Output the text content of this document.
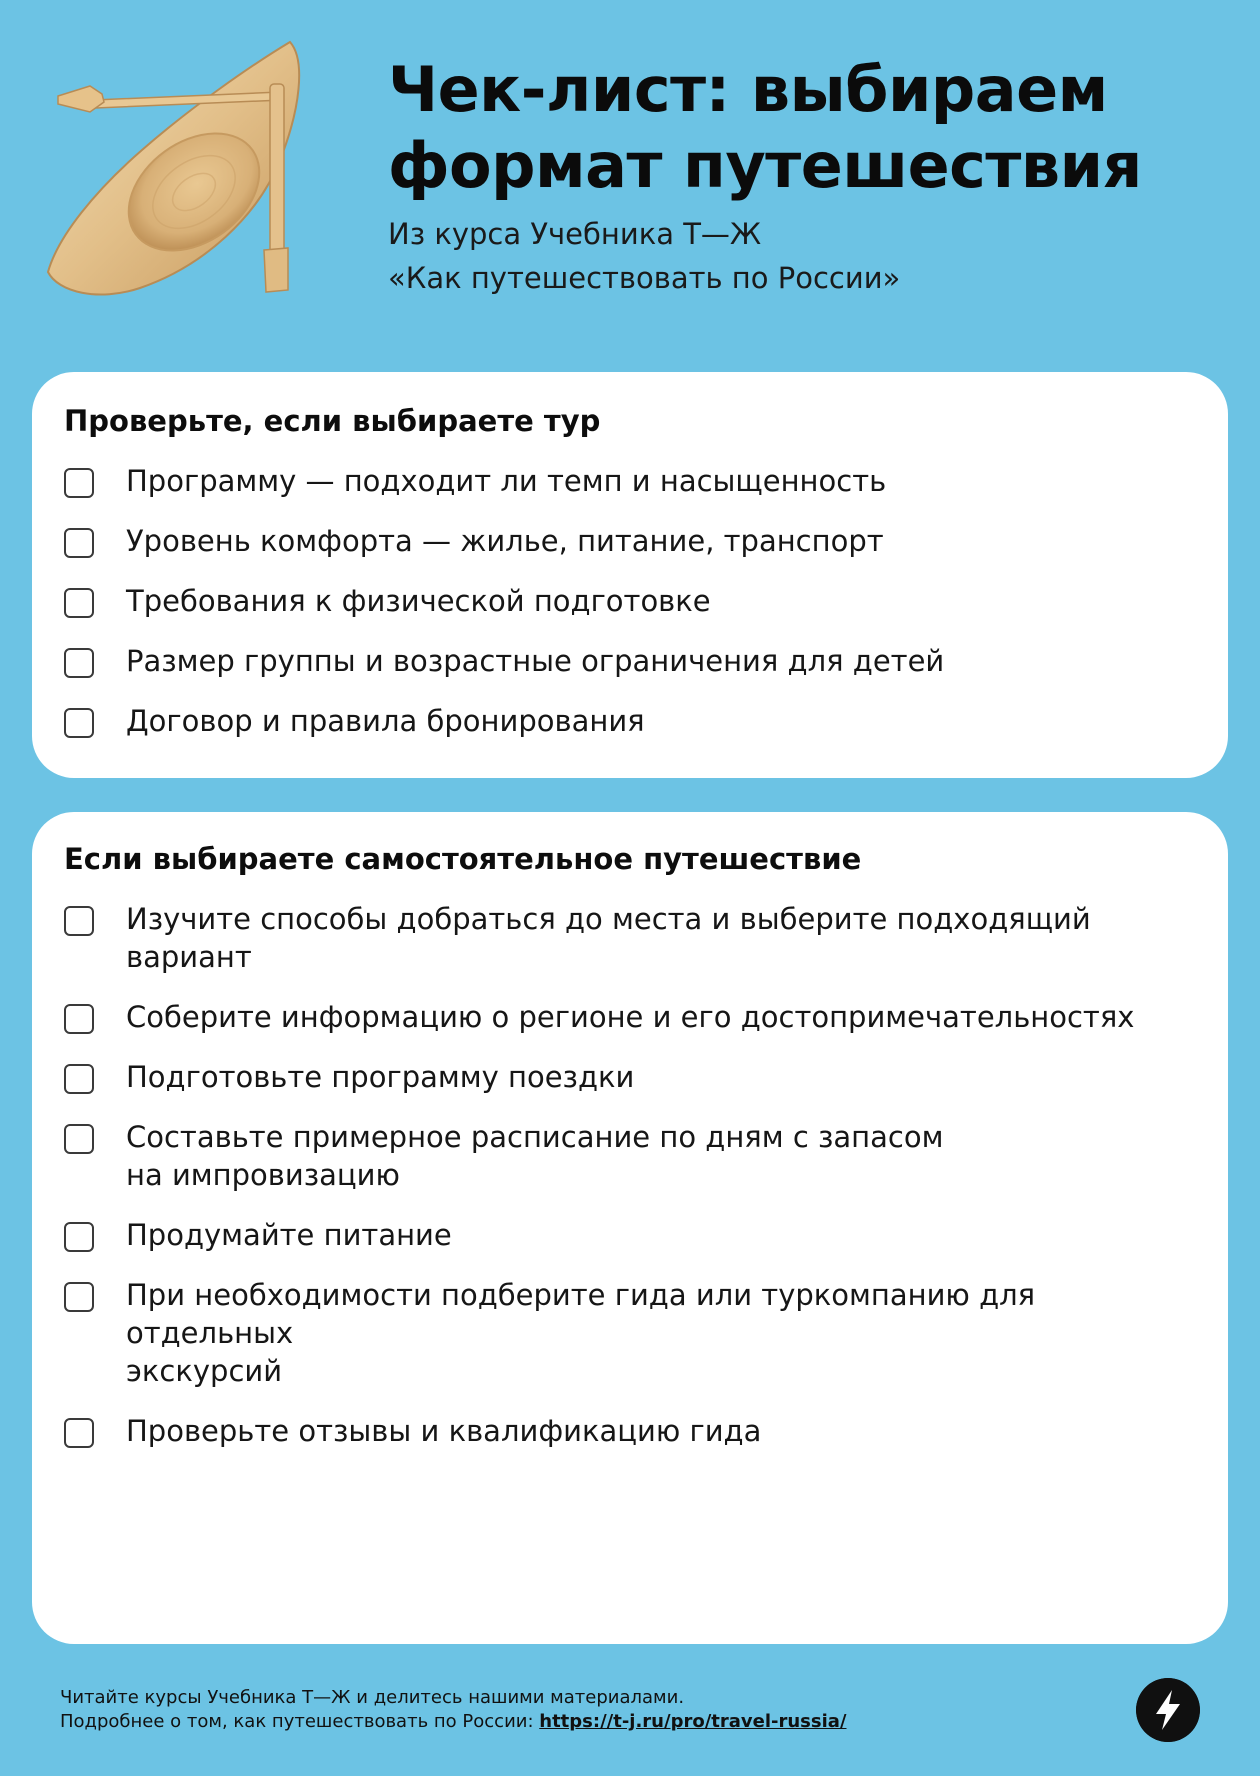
Чек-лист: выбираем
формат путешествия
Из курса Учебника Т—Ж
«Как путешествовать по России»
Проверьте, если выбираете тур
Программу — подходит ли темп и насыщенность
Уровень комфорта — жилье, питание, транспорт
Требования к физической подготовке
Размер группы и возрастные ограничения для детей
Договор и правила бронирования
Если выбираете самостоятельное путешествие
Изучите способы добраться до места и выберите подходящий
вариант
Соберите информацию о регионе и его достопримечательностях
Подготовьте программу поездки
Составьте примерное расписание по дням с запасом
на импровизацию
Продумайте питание
При необходимости подберите гида или туркомпанию для отдельных
экскурсий
Проверьте отзывы и квалификацию гида
Читайте курсы Учебника Т—Ж и делитесь нашими материалами.
Подробнее о том, как путешествовать по России: https://t-j.ru/pro/travel-russia/
